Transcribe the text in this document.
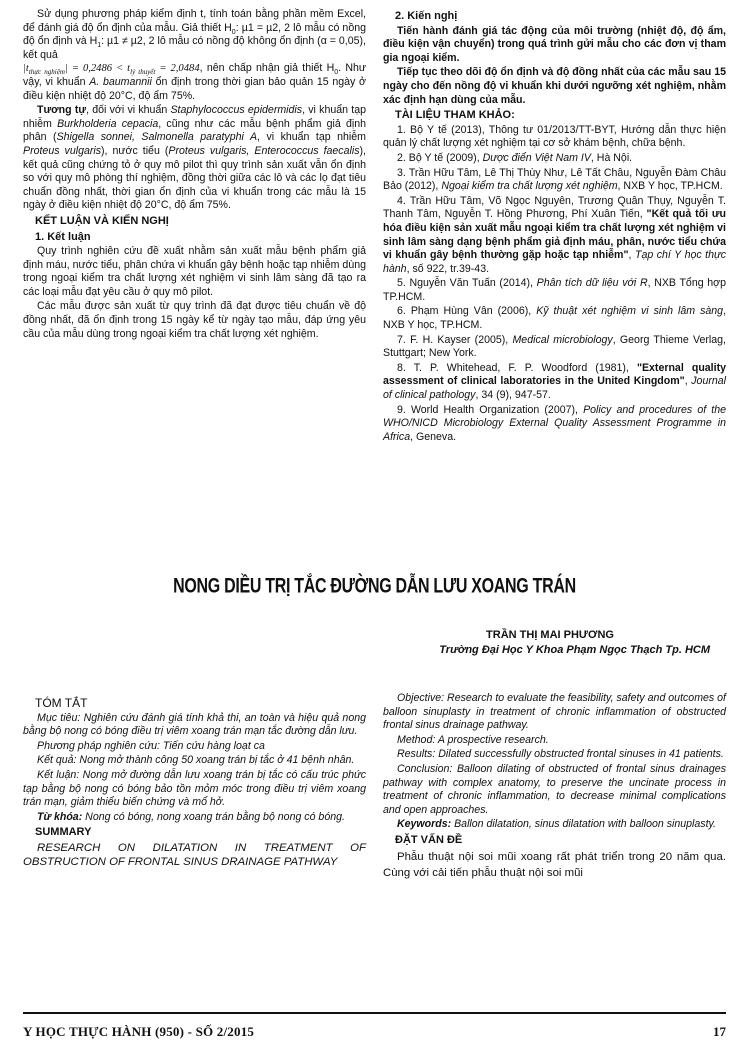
Sử dụng phương pháp kiểm định t, tính toán bằng phần mềm Excel, để đánh giá độ ổn định của mẫu. Giả thiết $H_0$: µ1 = µ2, 2 lô mẫu có nồng độ ổn định và $H_1$: µ1 ≠ µ2, 2 lô mẫu có nồng độ không ổn định (α = 0,05), kết quả
$|t_{thực nghiệm}| = 0,2486 < t_{lý thuyết} = 2,0484$, nên chấp nhận giả thiết $H_0$. Như vậy, vi khuẩn A. baumannii ổn định trong thời gian bảo quản 15 ngày ở điều kiện nhiệt độ 20°C, độ ẩm 75%.

Tương tự, đối với vi khuẩn Staphylococcus epidermidis, vi khuẩn tạp nhiễm Burkholderia cepacia, cũng như các mẫu bệnh phẩm giả định phân (Shigella sonnei, Salmonella paratyphi A, vi khuẩn tạp nhiễm Proteus vulgaris), nước tiểu (Proteus vulgaris, Enterococcus faecalis), kết quả cũng chứng tỏ ở quy mô pilot thì quy trình sản xuất vẫn ổn định so với quy mô phòng thí nghiệm, đồng thời giữa các lô và các lọ đạt tiêu chuẩn đồng nhất, thời gian ổn định của vi khuẩn trong các mẫu là 15 ngày ở điều kiện nhiệt độ 20°C, độ ẩm 75%.

KẾT LUẬN VÀ KIẾN NGHỊ
1. Kết luận

Quy trình nghiên cứu đề xuất nhằm sản xuất mẫu bệnh phẩm giả định máu, nước tiểu, phân chứa vi khuẩn gây bệnh hoặc tạp nhiễm dùng trong ngoại kiểm tra chất lượng xét nghiệm vi sinh lâm sàng đã tạo ra các loại mẫu đạt yêu cầu ở quy mô pilot.

Các mẫu được sản xuất từ quy trình đã đạt được tiêu chuẩn về độ đồng nhất, đã ổn định trong 15 ngày kể từ ngày tạo mẫu, đáp ứng yêu cầu của mẫu dùng trong ngoại kiểm tra chất lượng xét nghiệm.

2. Kiến nghị

Tiến hành đánh giá tác động của môi trường (nhiệt độ, độ ẩm, điều kiện vận chuyển) trong quá trình gửi mẫu cho các đơn vị tham gia ngoại kiểm.

Tiếp tục theo dõi độ ổn định và độ đồng nhất của các mẫu sau 15 ngày cho đến nồng độ vi khuẩn khi dưới ngưỡng xét nghiệm, nhằm xác định hạn dùng của mẫu.

TÀI LIỆU THAM KHẢO:

1. Bộ Y tế (2013), Thông tư 01/2013/TT-BYT, Hướng dẫn thực hiện quản lý chất lượng xét nghiệm tại cơ sở khám bệnh, chữa bệnh.

2. Bộ Y tế (2009), Dược điển Việt Nam IV, Hà Nội.

3. Trần Hữu Tâm, Lê Thị Thùy Như, Lê Tất Châu, Nguyễn Đàm Châu Bảo (2012), Ngoại kiểm tra chất lượng xét nghiệm, NXB Y học, TP.HCM.

4. Trần Hữu Tâm, Võ Ngọc Nguyên, Trương Quân Thụy, Nguyễn T. Thanh Tâm, Nguyễn T. Hồng Phương, Phí Xuân Tiến, "Kết quả tối ưu hóa điều kiện sản xuất mẫu ngoại kiểm tra chất lượng xét nghiệm vi sinh lâm sàng dạng bệnh phẩm giả định máu, phân, nước tiểu chứa vi khuẩn gây bệnh thường gặp hoặc tạp nhiễm", Tạp chí Y học thực hành, số 922, tr.39-43.

5. Nguyễn Văn Tuấn (2014), Phân tích dữ liệu với R, NXB Tổng hợp TP.HCM.

6. Phạm Hùng Vân (2006), Kỹ thuật xét nghiệm vi sinh lâm sàng, NXB Y học, TP.HCM.

7. F. H. Kayser (2005), Medical microbiology, Georg Thieme Verlag, Stuttgart; New York.

8. T. P. Whitehead, F. P. Woodford (1981), "External quality assessment of clinical laboratories in the United Kingdom", Journal of clinical pathology, 34 (9), 947-57.

9. World Health Organization (2007), Policy and procedures of the WHO/NICD Microbiology External Quality Assessment Programme in Africa, Geneva.

NONG DIỀU TRỊ TẮC ĐƯỜNG DẪN LƯU XOANG TRÁN
TRẦN THỊ MAI PHƯƠNG
Trường Đại Học Y Khoa Phạm Ngọc Thạch Tp. HCM
TÓM TẮT

Mục tiêu: Nghiên cứu đánh giá tính khả thi, an toàn và hiệu quả nong bằng bộ nong có bóng điều trị viêm xoang trán mạn tắc đường dẫn lưu.

Phương pháp nghiên cứu: Tiến cứu hàng loạt ca

Kết quả: Nong mở thành công 50 xoang trán bị tắc ở 41 bệnh nhân.

Kết luận: Nong mở đường dẫn lưu xoang trán bị tắc có cấu trúc phức tạp bằng bộ nong có bóng bảo tồn mỏm móc trong điều trị viêm xoang trán mạn, giảm thiểu biến chứng và mổ hở.

Từ khóa: Nong có bóng, nong xoang trán bằng bộ nong có bóng.

SUMMARY

RESEARCH ON DILATATION IN TREATMENT OF OBSTRUCTION OF FRONTAL SINUS DRAINAGE PATHWAY

Objective: Research to evaluate the feasibility, safety and outcomes of balloon sinuplasty in treatment of chronic inflammation of obstructed frontal sinus drainage pathway.

Method: A prospective research.

Results: Dilated successfully obstructed frontal sinuses in 41 patients.

Conclusion: Balloon dilating of obstructed of frontal sinus drainages pathway with complex anatomy, to preserve the uncinate process in treatment of chronic inflammation, to decrease minimal complications and open approaches.

Keywords: Ballon dilatation, sinus dilatation with balloon sinuplasty.

ĐẶT VẤN ĐỀ

Phẫu thuật nội soi mũi xoang rất phát triển trong 20 năm qua. Cùng với cải tiến phẫu thuật nội soi mũi

Y HỌC THỰC HÀNH (950) - SỐ 2/2015	17
